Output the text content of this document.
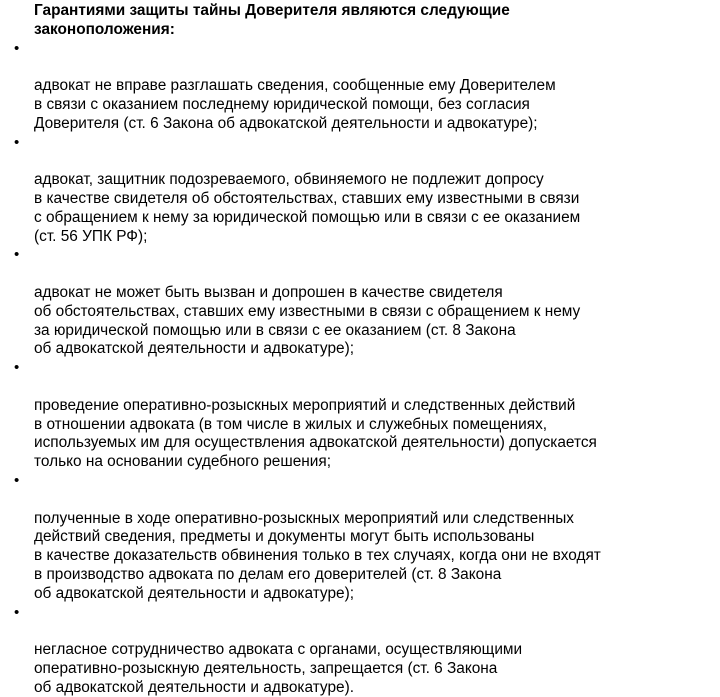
Гарантиями защиты тайны Доверителя являются следующие
законоположения:

•

адвокат не вправе разглашать сведения, сообщенные ему Доверителем
в связи с оказанием последнему юридической помощи, без согласия
Доверителя (ст. 6 Закона об адвокатской деятельности и адвокатуре);

•

адвокат, защитник подозреваемого, обвиняемого не подлежит допросу
в качестве свидетеля об обстоятельствах, ставших ему известными в связи
с обращением к нему за юридической помощью или в связи с ее оказанием
(ст. 56 УПК РФ);

•

адвокат не может быть вызван и допрошен в качестве свидетеля
об обстоятельствах, ставших ему известными в связи с обращением к нему
за юридической помощью или в связи с ее оказанием (ст. 8 Закона
об адвокатской деятельности и адвокатуре);

•

проведение оперативно-розыскных мероприятий и следственных действий
в отношении адвоката (в том числе в жилых и служебных помещениях,
используемых им для осуществления адвокатской деятельности) допускается
только на основании судебного решения;

•

полученные в ходе оперативно-розыскных мероприятий или следственных
действий сведения, предметы и документы могут быть использованы
в качестве доказательств обвинения только в тех случаях, когда они не входят
в производство адвоката по делам его доверителей (ст. 8 Закона
об адвокатской деятельности и адвокатуре);

•

негласное сотрудничество адвоката с органами, осуществляющими
оперативно-розыскную деятельность, запрещается (ст. 6 Закона
об адвокатской деятельности и адвокатуре).
